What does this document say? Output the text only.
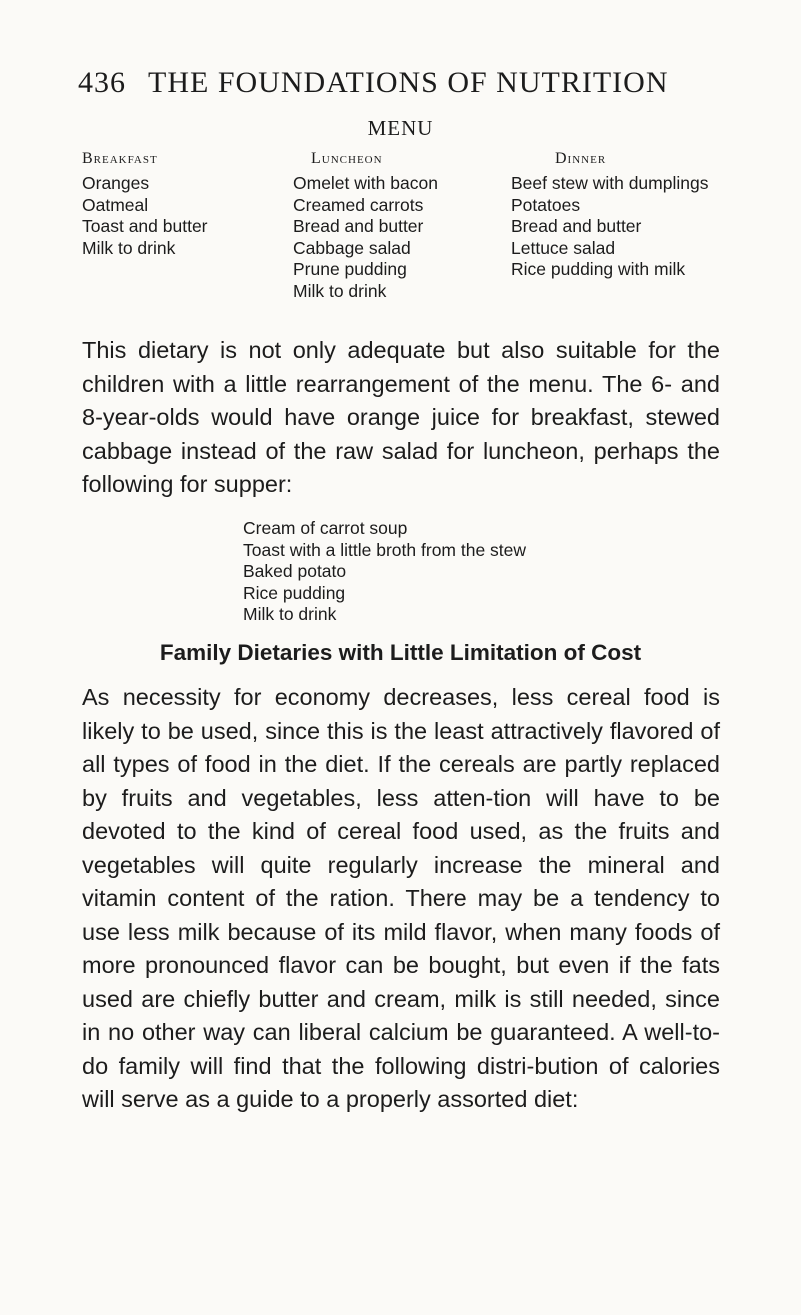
436 THE FOUNDATIONS OF NUTRITION
MENU
Breakfast
Oranges
Oatmeal
Toast and butter
Milk to drink
Luncheon
Omelet with bacon
Creamed carrots
Bread and butter
Cabbage salad
Prune pudding
Milk to drink
Dinner
Beef stew with dumplings
Potatoes
Bread and butter
Lettuce salad
Rice pudding with milk

This dietary is not only adequate but also suitable for the children with a little rearrangement of the menu. The 6- and 8-year-olds would have orange juice for breakfast, stewed cabbage instead of the raw salad for luncheon, perhaps the following for supper:

Cream of carrot soup
Toast with a little broth from the stew
Baked potato
Rice pudding
Milk to drink
Family Dietaries with Little Limitation of Cost

As necessity for economy decreases, less cereal food is likely to be used, since this is the least attractively flavored of all types of food in the diet. If the cereals are partly replaced by fruits and vegetables, less atten-tion will have to be devoted to the kind of cereal food used, as the fruits and vegetables will quite regularly increase the mineral and vitamin content of the ration. There may be a tendency to use less milk because of its mild flavor, when many foods of more pronounced flavor can be bought, but even if the fats used are chiefly butter and cream, milk is still needed, since in no other way can liberal calcium be guaranteed. A well-to-do family will find that the following distri-bution of calories will serve as a guide to a properly assorted diet:
